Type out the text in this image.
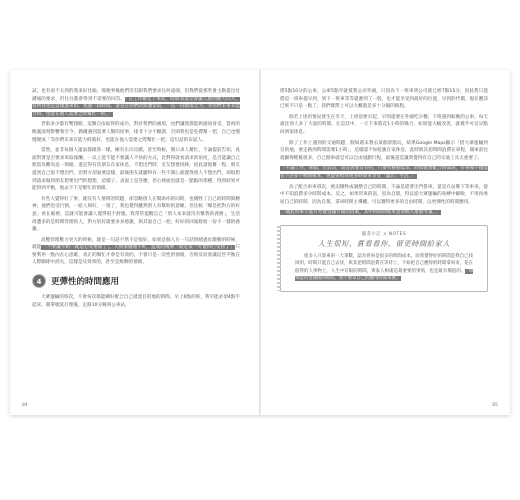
試，也有看不太到的我來好比喻，那便事後他們沒有跟我們要求任何遠端，但我們從那些會主動提出付溝通的要求，但往往都會得到不需要的回答。「在工作確定下來前，時間表還是會讓人感到壓力山大，當初我也是這樣過來的。我過一段時間，還是在你們的焦慮當前，一直一份錯落之力，等你們未來有能力時，也能在他人需要之際幫忙一把。」

老街多少都有雙翅膀，這類自由取得的成功，對於我們的處境，也們讓我都能夠感同身受。當初的飽滿深刻影響我至今，偶爾遇到需要人幫的同事，排非十分不願讀，否則我也是免費幫一把，自己也慢慢變成「等你們未來有能力時就好，也能在他人需要之際幫忙一把」這句話的布道人。

當然，並非每個人運氣都跟我一樣，擁有正向反饋，甚至時候，開口求人幫忙，不論提前告知，真面對著是否要求來取報酬，一以上能不能不要讓人不快的方式，比對得就看請求的角度，是否能讓自己無需為難為這一情緒。還記得有次朋友在家休息，不想出門時，室友想要找陣，因此請他幫一程，朋友提到自己很不想出門，但對方卻說要這樣，最後朋友就聽得有一些不開心就覺得別人不想出門，卻很想到請求做到朋友想要出門的想想，這樣子，表面上是答應，但心裡面也就是一點點的那種，得到結果可能得到平衡，他去不不是幫忙的情緒。

有些人覺得好了事，就沒有人情債的問題，卻忽略別人在幫助你的同時，也犧牲了自己的時間與精神，他們也受行情，一給人與好，一很了，我也覺得雖然別人有幫助的意願，但比較「總是把對方的好意」看在眼裡，這就可能會讓人覺得很不舒服，我常常提醒自己「別人本來就沒有幫我的義務」，生活周遭多的是時間管理的人，對方的好就要多多感謝，與其說自己一把，好好的回報將給一份不一樣的感謝。

高壓管理壓力更大的時候，就是一句話不然不是很好，如果是個人在一句話情緒過於激動的時候，就能「不要讓不夠一就是心受委屈了」，人情債處理不好，造成的後果「就是某一方覺得心受屈了」只要利用一點內在心思維，真正的幫忙才會是有效的，不會只是一次性的情緒，否則反而會讓這些平衡在人際關係中消失，這樣是反效果的，甚至是無聊的情緒。

4	更彈性的時間應用

大眾運輸的班次，不會每次都能剛好配合自己抵達目的地的時間，早上6點的班，我可能必須4點半起床，簡單梳洗打理後，走路10分鐘到公車站，

搭5點10分的公車，公車5點半就抵我公司外頭，只因為下一班車到公司就已經7點15分，因此我只能搭這一班車提早到，到下一班車等等就遲到了一般，也才能享受到最好的位置，早到的代價，現在應該已經不只是一點了，我們實際上可以大概就是多十分鐘的路程。

倘若上述的情況發生在冬天，上班前要早起，早到還要在外頭吃早餐，下班遇到較晚的公車，每天就比別人多了大量的時間，在這其中，一天下來將花1小時的場合，如果能大幅改善，就幾乎可以早點回到家休息。

除了工作上遇到的交通問題，假如週末想去某個景點玩，結果Google Maps顯示「搭大眾運輸到目的地，要走路到時間需要1小時」，這樣還不如乾脆在家休息，此時與其把時間浪費在車程，開車前往就顯得輕鬆很多，自己開車就是可以自由規劃行程，最後還是讓我覺得有自己的交通工具太重要了。

「不論工作、休假、出去玩，還是與朋友有約，只要有移動需求，時間就要配合時間表，有車後不僅能省下許多不便與成本，更能帶給我更多時間來享受「溫式」生活。」

為了配合車車班次，被迫犧牲或調整自己的時間，不論是趕著出門搭車，還是在站牌下等車來，從中不知浪費多少時間成本，反之，如果買車的話，因為自駕，得以從大眾運輸的束縛中解脫，不用再委屈自己的時間，因為自駕，拿回時間主導權，可以獲得更多的自由時間，以更彈性的時間應用。

「就此買車不能只考慮金錢方面的因素，其中的時間成本也須納入重點考量。」

隨書小記 × NOTES
人生很短，賞看看你，留更時間給家人

很多人只算車的一大筆數，認為買車是很多的時間成本，而我覺得好的時間是我自己找回的，時間只能自己去找，與其把時間浪費在等待上，不如把自己應得的時間拿回來，花在值得的人事物上，人生中有限的時間，與家人相處是最重要的事情，也是最有價值的。「如果能用金錢換回時間，我不要拿自己的應用時間來換」

84	85
